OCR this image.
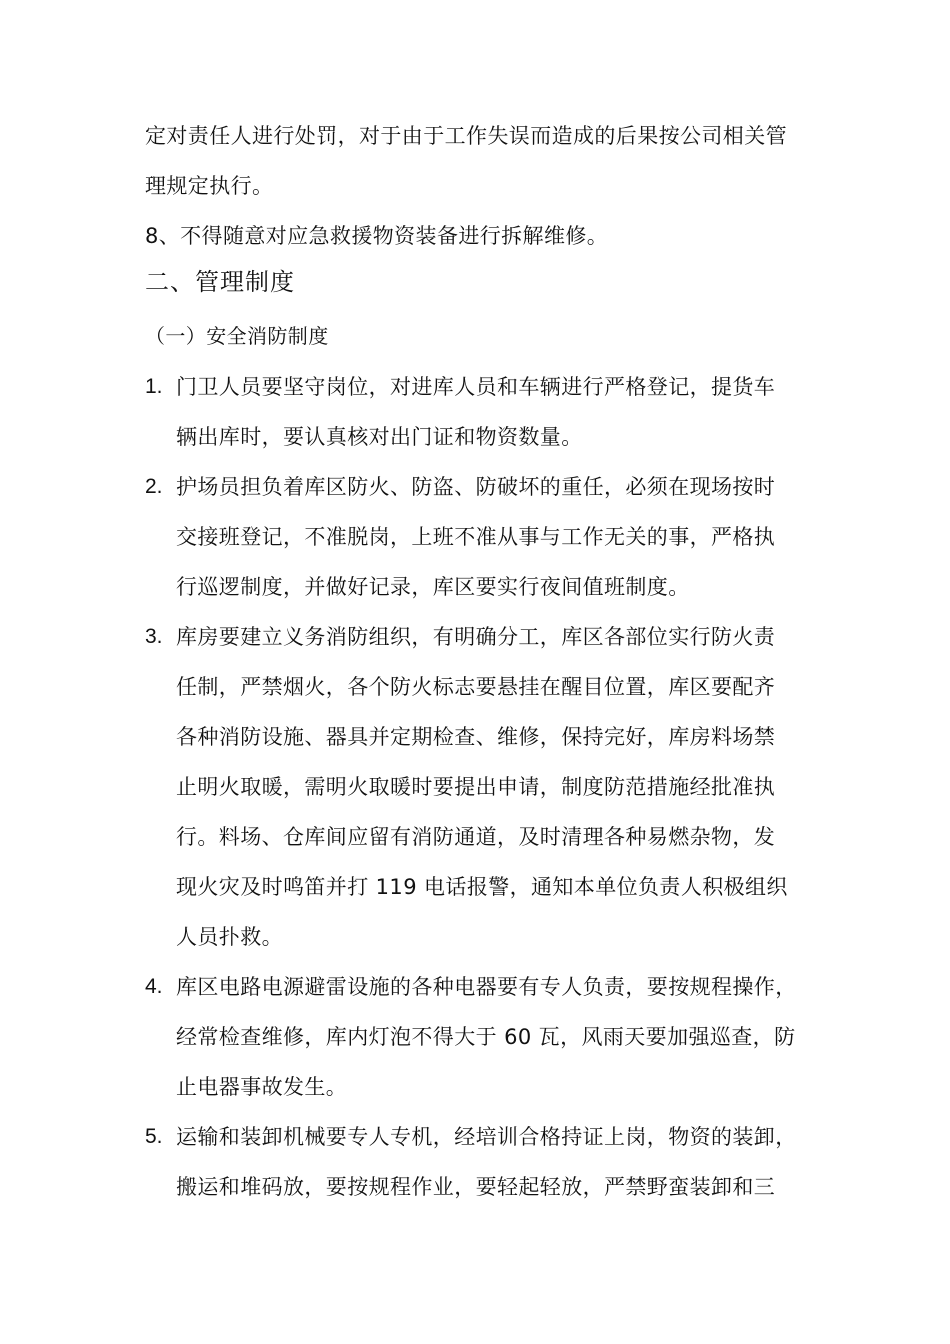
定对责任人进行处罚，对于由于工作失误而造成的后果按公司相关管
理规定执行。
8、不得随意对应急救援物资装备进行拆解维修。
二、管理制度
（一）安全消防制度
1. 门卫人员要坚守岗位，对进库人员和车辆进行严格登记，提货车
辆出库时，要认真核对出门证和物资数量。
2. 护场员担负着库区防火、防盗、防破坏的重任，必须在现场按时
交接班登记，不准脱岗，上班不准从事与工作无关的事，严格执
行巡逻制度，并做好记录，库区要实行夜间值班制度。
3. 库房要建立义务消防组织，有明确分工，库区各部位实行防火责
任制，严禁烟火，各个防火标志要悬挂在醒目位置，库区要配齐
各种消防设施、器具并定期检查、维修，保持完好，库房料场禁
止明火取暖，需明火取暖时要提出申请，制度防范措施经批准执
行。料场、仓库间应留有消防通道，及时清理各种易燃杂物，发
现火灾及时鸣笛并打 119 电话报警，通知本单位负责人积极组织
人员扑救。
4. 库区电路电源避雷设施的各种电器要有专人负责，要按规程操作，
经常检查维修，库内灯泡不得大于 60 瓦，风雨天要加强巡查，防
止电器事故发生。
5. 运输和装卸机械要专人专机，经培训合格持证上岗，物资的装卸，
搬运和堆码放，要按规程作业，要轻起轻放，严禁野蛮装卸和三
